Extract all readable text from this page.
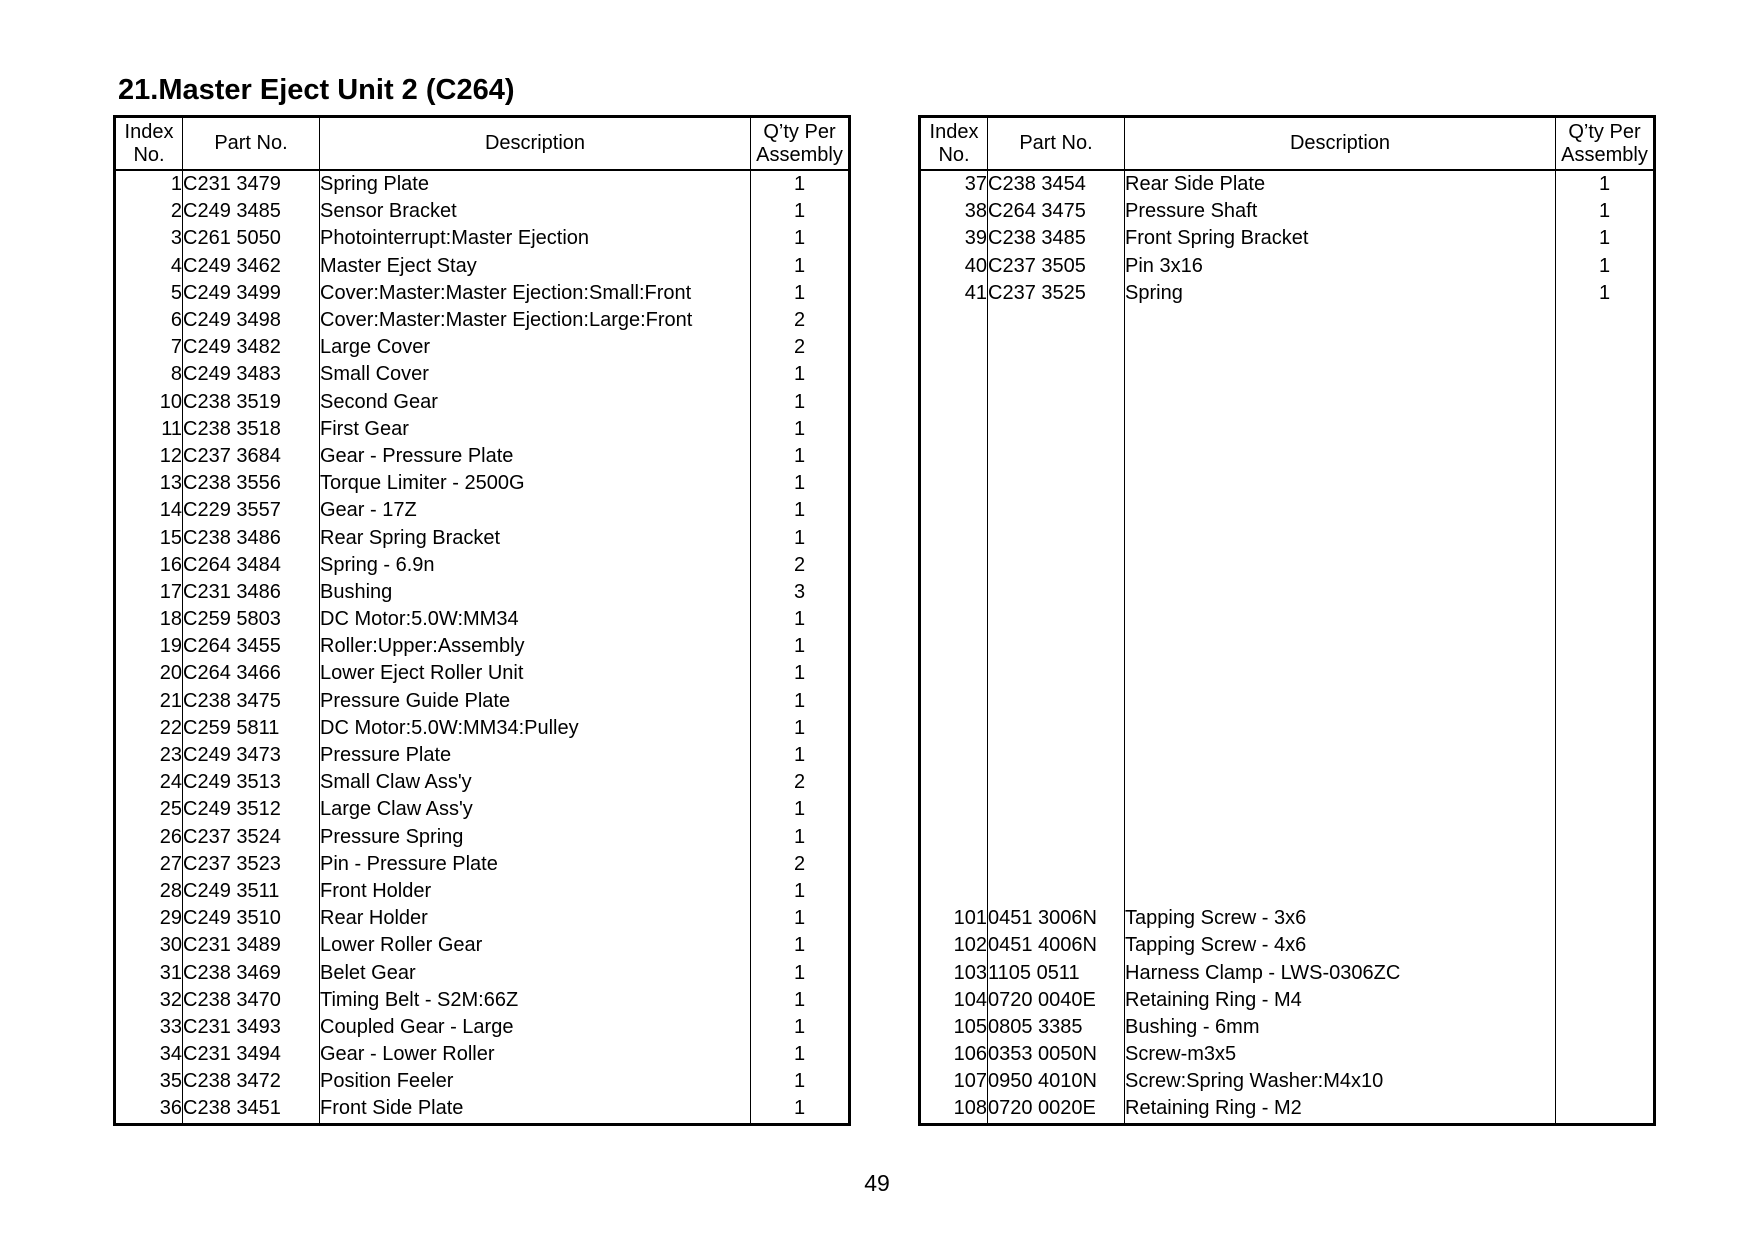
21.Master Eject Unit 2 (C264)
Index
No.	Part No.	Description	Q’ty Per
Assembly
1	C231 3479	Spring Plate	1
2	C249 3485	Sensor Bracket	1
3	C261 5050	Photointerrupt:Master Ejection	1
4	C249 3462	Master Eject Stay	1
5	C249 3499	Cover:Master:Master Ejection:Small:Front	1
6	C249 3498	Cover:Master:Master Ejection:Large:Front	2
7	C249 3482	Large Cover	2
8	C249 3483	Small Cover	1
10	C238 3519	Second Gear	1
11	C238 3518	First Gear	1
12	C237 3684	Gear - Pressure Plate	1
13	C238 3556	Torque Limiter - 2500G	1
14	C229 3557	Gear - 17Z	1
15	C238 3486	Rear Spring Bracket	1
16	C264 3484	Spring - 6.9n	2
17	C231 3486	Bushing	3
18	C259 5803	DC Motor:5.0W:MM34	1
19	C264 3455	Roller:Upper:Assembly	1
20	C264 3466	Lower Eject Roller Unit	1
21	C238 3475	Pressure Guide Plate	1
22	C259 5811	DC Motor:5.0W:MM34:Pulley	1
23	C249 3473	Pressure Plate	1
24	C249 3513	Small Claw Ass'y	2
25	C249 3512	Large Claw Ass'y	1
26	C237 3524	Pressure Spring	1
27	C237 3523	Pin - Pressure Plate	2
28	C249 3511	Front Holder	1
29	C249 3510	Rear Holder	1
30	C231 3489	Lower Roller Gear	1
31	C238 3469	Belet Gear	1
32	C238 3470	Timing Belt - S2M:66Z	1
33	C231 3493	Coupled Gear - Large	1
34	C231 3494	Gear - Lower Roller	1
35	C238 3472	Position Feeler	1
36	C238 3451	Front Side Plate	1
Index
No.	Part No.	Description	Q’ty Per
Assembly
37	C238 3454	Rear Side Plate	1
38	C264 3475	Pressure Shaft	1
39	C238 3485	Front Spring Bracket	1
40	C237 3505	Pin 3x16	1
41	C237 3525	Spring	1

101	0451 3006N	Tapping Screw - 3x6	
102	0451 4006N	Tapping Screw - 4x6	
103	1105 0511	Harness Clamp - LWS-0306ZC	
104	0720 0040E	Retaining Ring - M4	
105	0805 3385	Bushing - 6mm	
106	0353 0050N	Screw-m3x5	
107	0950 4010N	Screw:Spring Washer:M4x10	
108	0720 0020E	Retaining Ring - M2	
49
